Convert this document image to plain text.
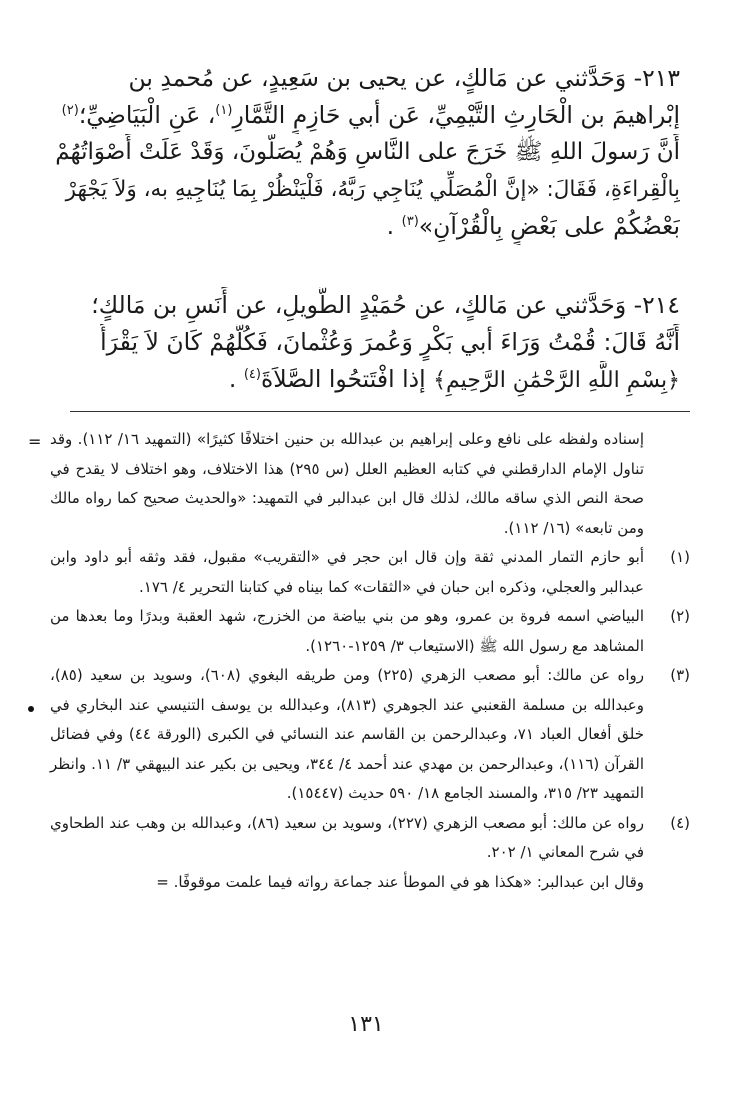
٢١٣- وَحَدَّثني عن مَالكٍ، عن يحيى بن سَعِيدٍ، عن مُحمدِ بن
إبْراهيمَ بن الْحَارِثِ التَّيْمِيِّ، عَن أبي حَازِمٍ التَّمَّارِ$^{(١)}$، عَنِ الْبَيَاضِيِّ؛$^{(٢)}$
أَنَّ رَسولَ اللهِ ﷺ خَرَجَ على النَّاسِ وَهُمْ يُصَلُّونَ، وَقَدْ عَلَتْ أَصْوَاتُهُمْ
بِالْقِراءَةِ، فَقَالَ: «إنَّ الْمُصَلِّي يُنَاجِي رَبَّهُ، فَلْيَنْظُرْ بِمَا يُنَاجِيهِ به، وَلاَ يَجْهَرْ
بَعْضُكُمْ على بَعْضٍ بِالْقُرْآنِ»$^{(٣)}$ .
٢١٤- وَحَدَّثني عن مَالكٍ، عن حُمَيْدٍ الطَّويلِ، عن أَنَسِ بن مَالكٍ؛
أَنَّهُ قَالَ: قُمْتُ وَرَاءَ أبي بَكْرٍ وَعُمرَ وَعُثْمانَ، فَكُلُّهُمْ كَانَ لاَ يَقْرَأُ
﴿بِسْمِ اللَّهِ الرَّحْمَٰنِ الرَّحِيمِ﴾ إذا افْتَتحُوا الصَّلاَةَ$^{(٤)}$ .
= إسناده ولفظه على نافع وعلى إبراهيم بن عبدالله بن حنين اختلافًا كثيرًا» (التمهيد ١٦/ ١١٢). وقد تناول الإمام الدارقطني في كتابه العظيم العلل (س ٢٩٥) هذا الاختلاف، وهو اختلاف لا يقدح في صحة النص الذي ساقه مالك، لذلك قال ابن عبدالبر في التمهيد: «والحديث صحيح كما رواه مالك ومن تابعه» (١٦/ ١١٢).
(١)
أبو حازم التمار المدني ثقة وإن قال ابن حجر في «التقريب» مقبول، فقد وثقه أبو داود وابن عبدالبر والعجلي، وذكره ابن حبان في «الثقات» كما بيناه في كتابنا التحرير ٤/ ١٧٦.
(٢)
البياضي اسمه فروة بن عمرو، وهو من بني بياضة من الخزرج، شهد العقبة وبدرًا وما بعدها من المشاهد مع رسول الله ﷺ (الاستيعاب ٣/ ١٢٥٩-١٢٦٠).
(٣)
رواه عن مالك: أبو مصعب الزهري (٢٢٥) ومن طريقه البغوي (٦٠٨)، وسويد بن سعيد (٨٥)، وعبدالله بن مسلمة القعنبي عند الجوهري (٨١٣)، وعبدالله بن يوسف التنيسي عند البخاري في خلق أفعال العباد ٧١، وعبدالرحمن بن القاسم عند النسائي في الكبرى (الورقة ٤٤) وفي فضائل القرآن (١١٦)، وعبدالرحمن بن مهدي عند أحمد ٤/ ٣٤٤، ويحيى بن بكير عند البيهقي ٣/ ١١. وانظر التمهيد ٢٣/ ٣١٥، والمسند الجامع ١٨/ ٥٩٠ حديث (١٥٤٤٧).
(٤)
رواه عن مالك: أبو مصعب الزهري (٢٢٧)، وسويد بن سعيد (٨٦)، وعبدالله بن وهب عند الطحاوي في شرح المعاني ١/ ٢٠٢.
وقال ابن عبدالبر: «هكذا هو في الموطأ عند جماعة رواته فيما علمت موقوفًا. =
١٣١
